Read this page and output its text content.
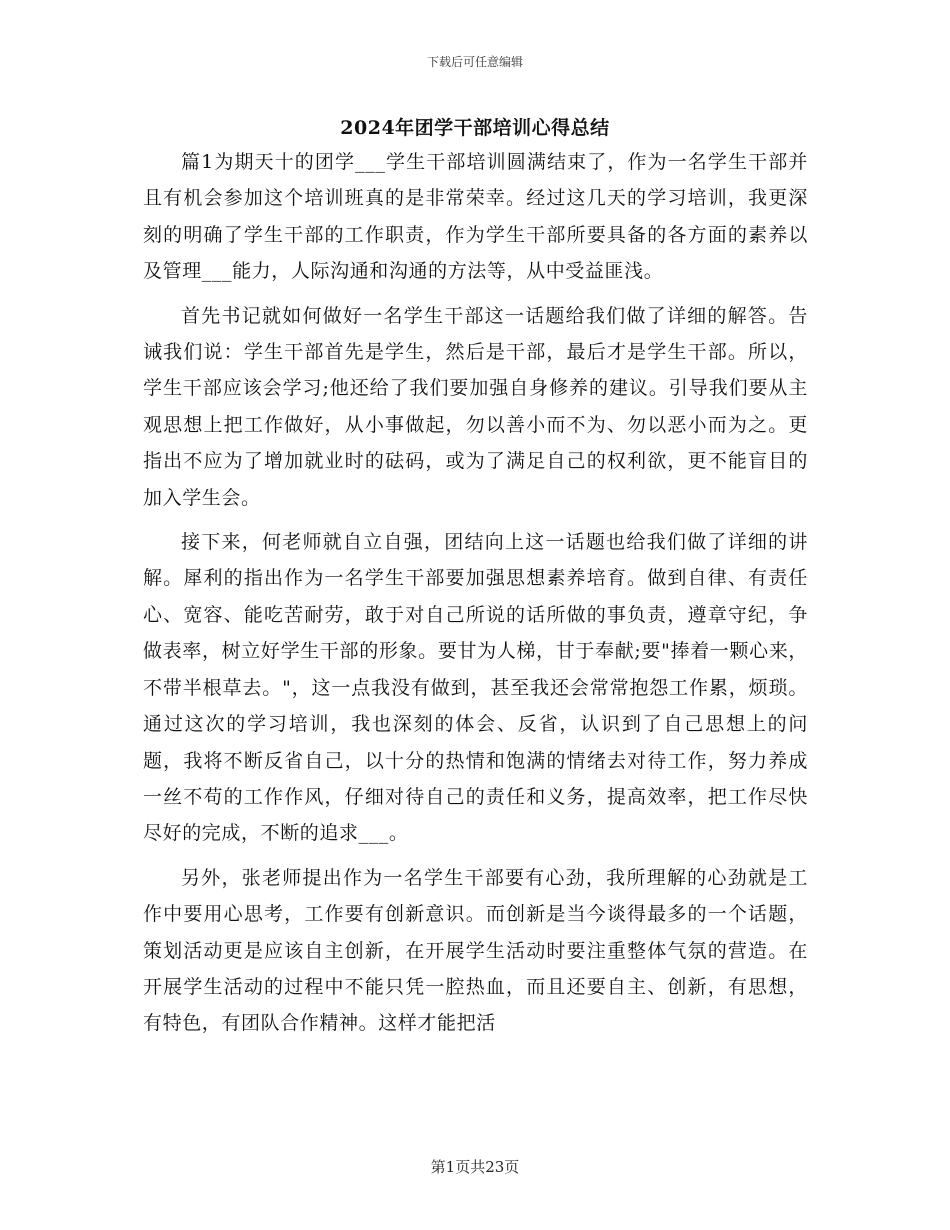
下载后可任意编辑
2024年团学干部培训心得总结

篇1为期天十的团学___学生干部培训圆满结束了，作为一名学生干部并且有机会参加这个培训班真的是非常荣幸。经过这几天的学习培训，我更深刻的明确了学生干部的工作职责，作为学生干部所要具备的各方面的素养以及管理___能力，人际沟通和沟通的方法等，从中受益匪浅。

首先书记就如何做好一名学生干部这一话题给我们做了详细的解答。告诫我们说：学生干部首先是学生，然后是干部，最后才是学生干部。所以，学生干部应该会学习;他还给了我们要加强自身修养的建议。引导我们要从主观思想上把工作做好，从小事做起，勿以善小而不为、勿以恶小而为之。更指出不应为了增加就业时的砝码，或为了满足自己的权利欲，更不能盲目的加入学生会。

接下来，何老师就自立自强，团结向上这一话题也给我们做了详细的讲解。犀利的指出作为一名学生干部要加强思想素养培育。做到自律、有责任心、宽容、能吃苦耐劳，敢于对自己所说的话所做的事负责，遵章守纪，争做表率，树立好学生干部的形象。要甘为人梯，甘于奉献;要"捧着一颗心来，不带半根草去。"，这一点我没有做到，甚至我还会常常抱怨工作累，烦琐。通过这次的学习培训，我也深刻的体会、反省，认识到了自己思想上的问题，我将不断反省自己，以十分的热情和饱满的情绪去对待工作，努力养成一丝不苟的工作作风，仔细对待自己的责任和义务，提高效率，把工作尽快尽好的完成，不断的追求___。

另外，张老师提出作为一名学生干部要有心劲，我所理解的心劲就是工作中要用心思考，工作要有创新意识。而创新是当今谈得最多的一个话题，策划活动更是应该自主创新，在开展学生活动时要注重整体气氛的营造。在开展学生活动的过程中不能只凭一腔热血，而且还要自主、创新，有思想，有特色，有团队合作精神。这样才能把活

第1页共23页
